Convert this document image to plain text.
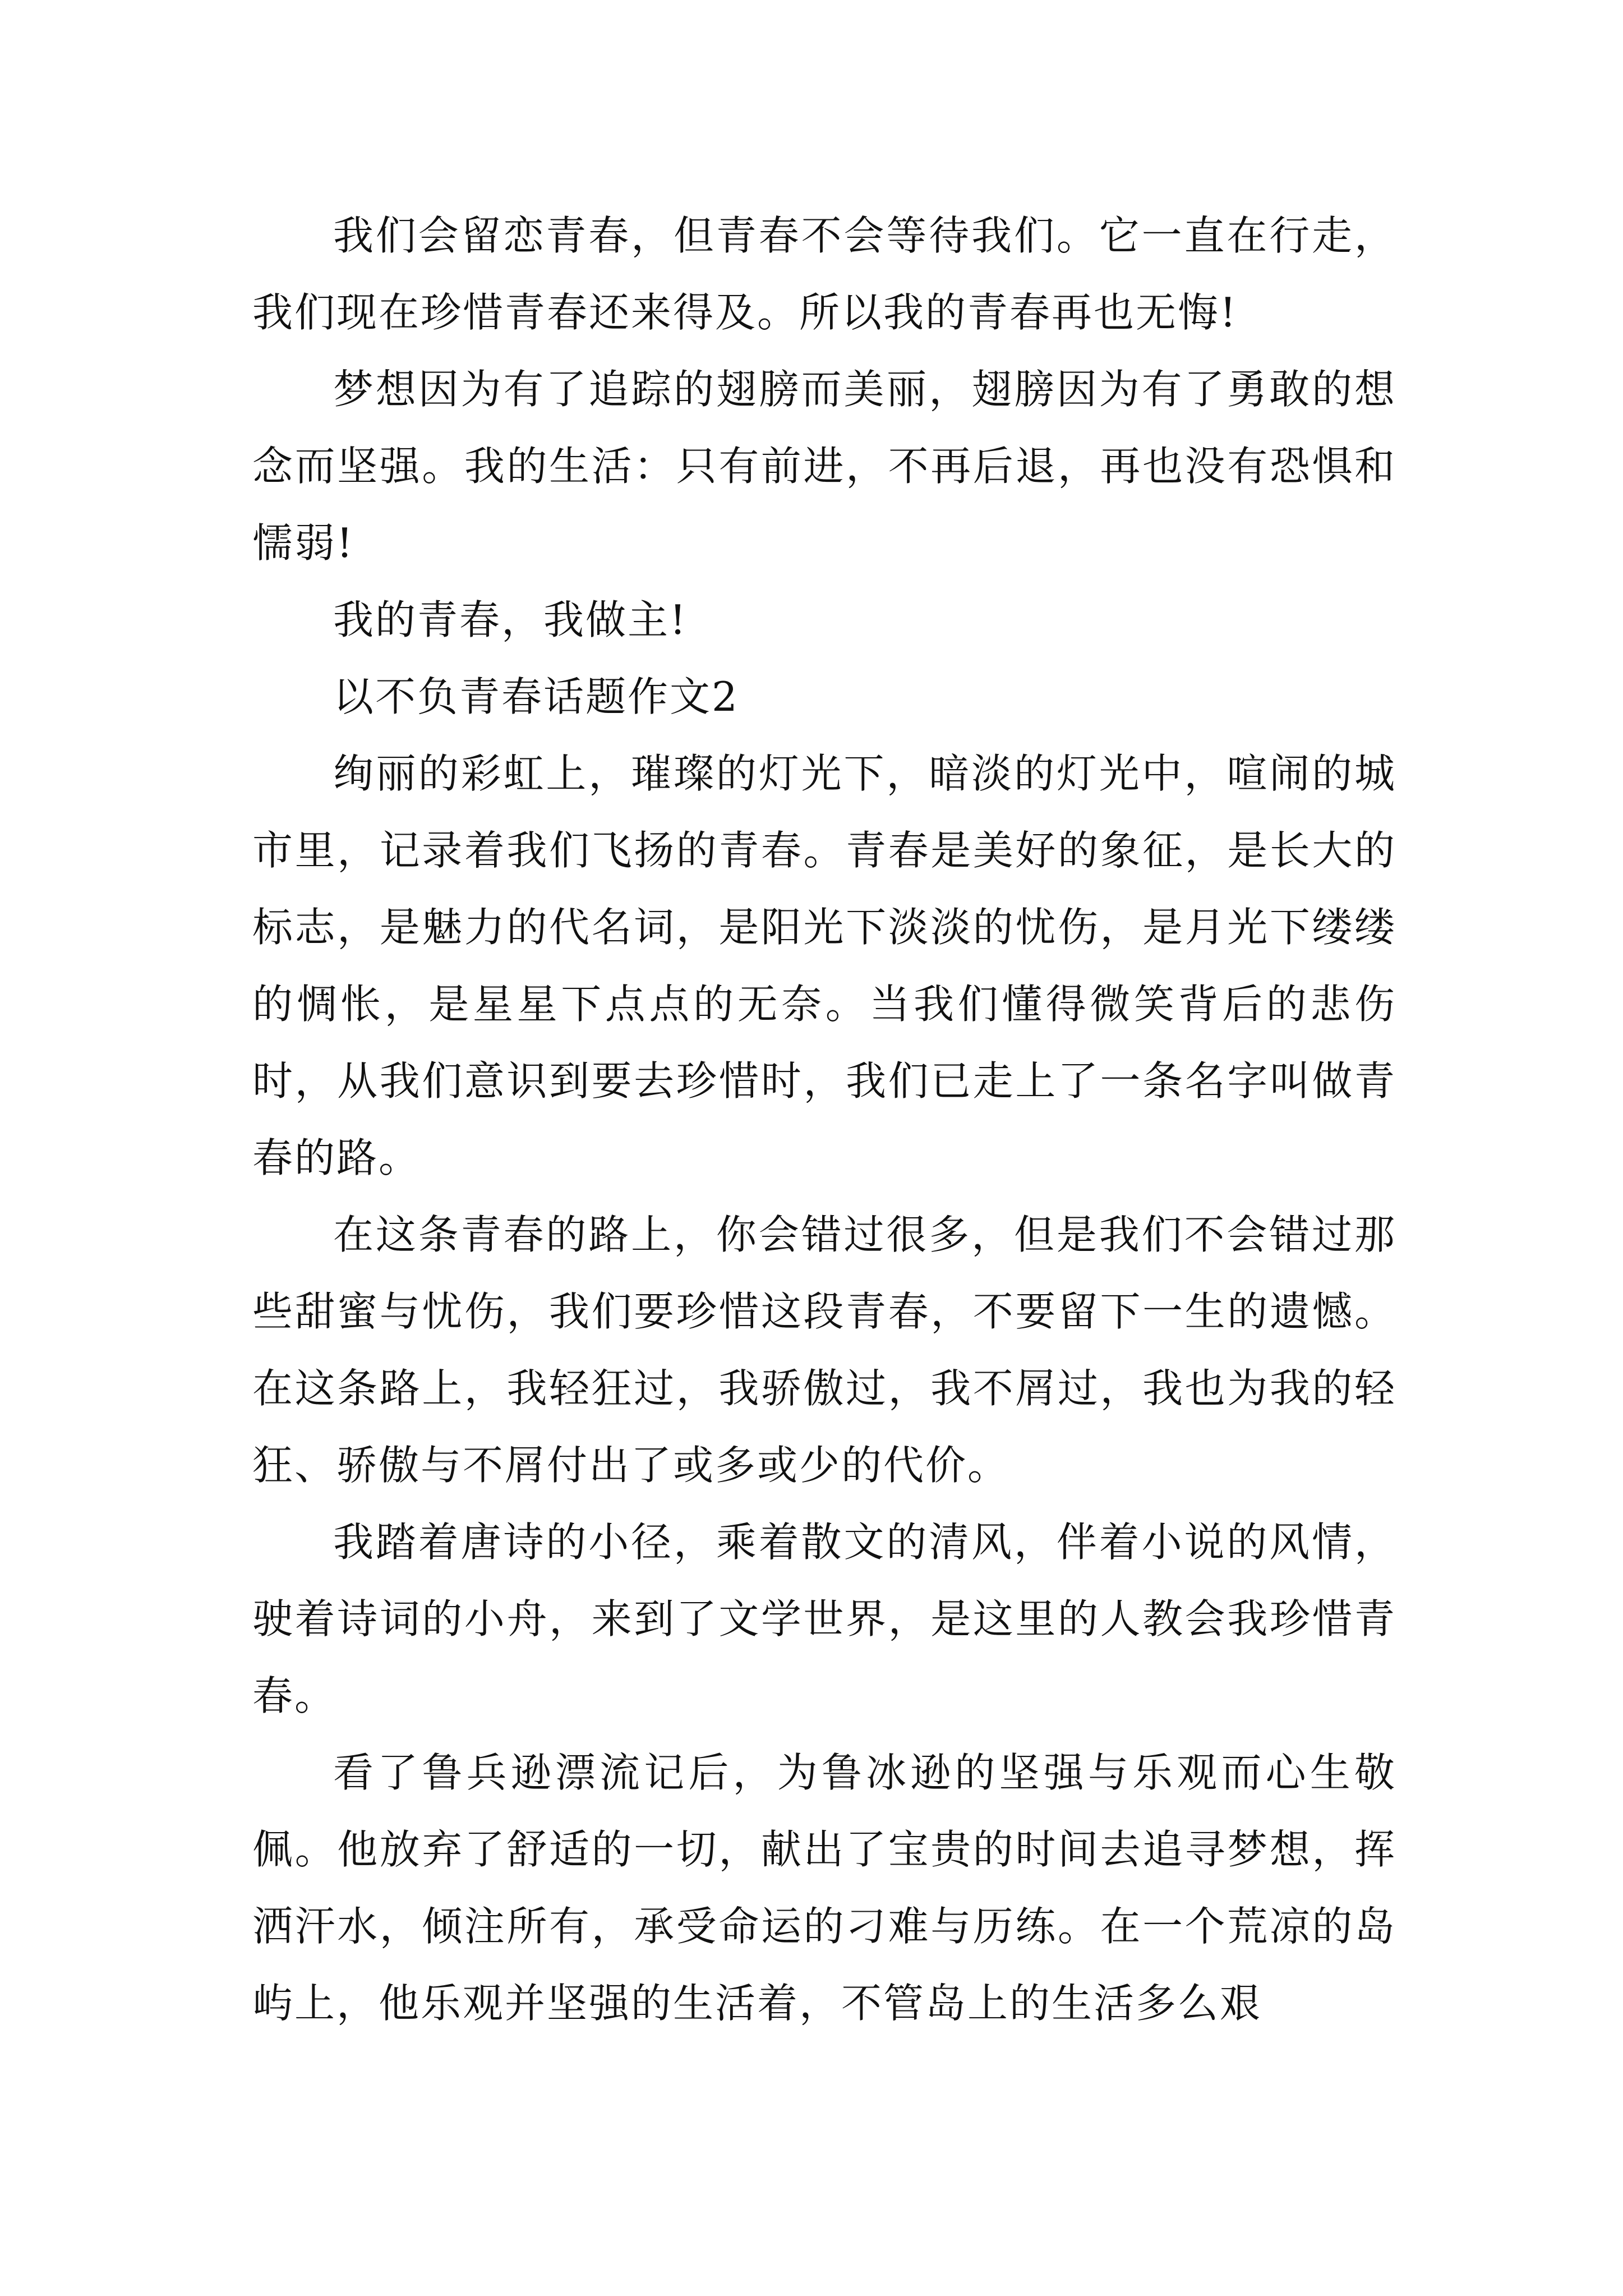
我们会留恋青春，但青春不会等待我们。它一直在行走，我们现在珍惜青春还来得及。所以我的青春再也无悔!

梦想因为有了追踪的翅膀而美丽，翅膀因为有了勇敢的想念而坚强。我的生活：只有前进，不再后退，再也没有恐惧和懦弱!

我的青春，我做主!

以不负青春话题作文2

绚丽的彩虹上，璀璨的灯光下，暗淡的灯光中，喧闹的城市里，记录着我们飞扬的青春。青春是美好的象征，是长大的标志，是魅力的代名词，是阳光下淡淡的忧伤，是月光下缕缕的惆怅，是星星下点点的无奈。当我们懂得微笑背后的悲伤时，从我们意识到要去珍惜时，我们已走上了一条名字叫做青春的路。

在这条青春的路上，你会错过很多，但是我们不会错过那些甜蜜与忧伤，我们要珍惜这段青春，不要留下一生的遗憾。在这条路上，我轻狂过，我骄傲过，我不屑过，我也为我的轻狂、骄傲与不屑付出了或多或少的代价。

我踏着唐诗的小径，乘着散文的清风，伴着小说的风情，驶着诗词的小舟，来到了文学世界，是这里的人教会我珍惜青春。

看了鲁兵逊漂流记后，为鲁冰逊的坚强与乐观而心生敬佩。他放弃了舒适的一切，献出了宝贵的时间去追寻梦想，挥洒汗水，倾注所有，承受命运的刁难与历练。在一个荒凉的岛屿上，他乐观并坚强的生活着，不管岛上的生活多么艰
